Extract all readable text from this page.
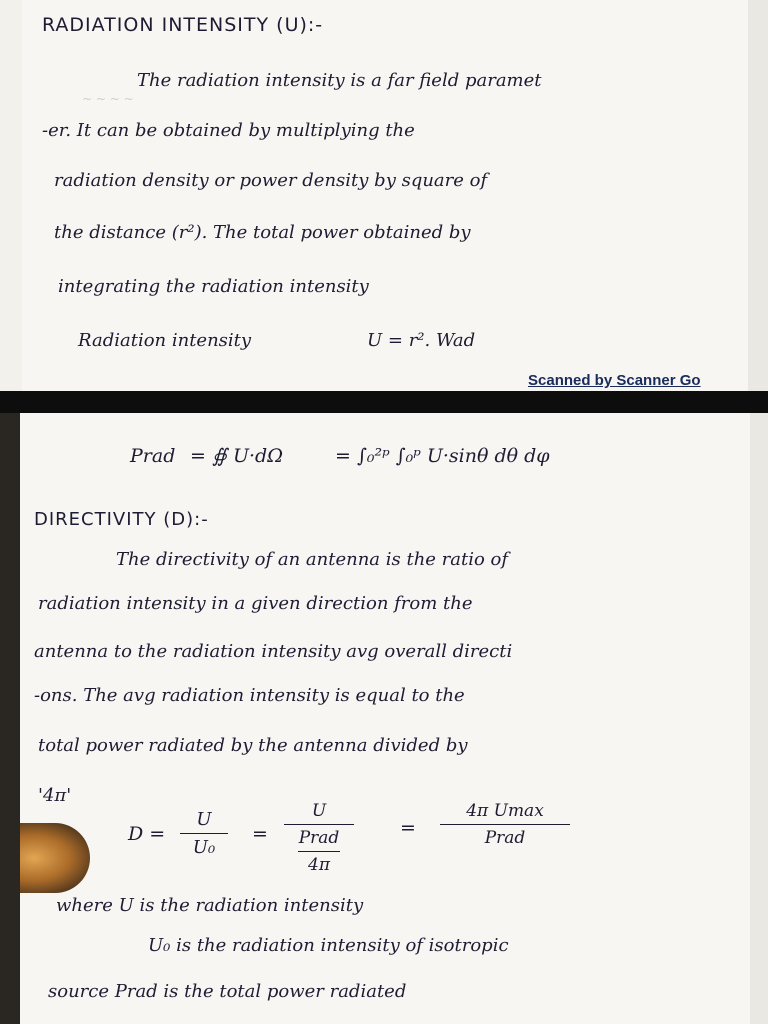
~ ~ ~ ~
RADIATION INTENSITY (U):-
The radiation intensity is a far field paramet
-er. It can be obtained by multiplying the
radiation density or power density by square of
the distance (r²). The total power obtained by
integrating the radiation intensity
Radiation intensity	U = r². Wad
Scanned by Scanner Go
Prad = ∯ U·dΩ	= ∫₀²ᵖ ∫₀ᵖ U·sinθ dθ dφ
DIRECTIVITY (D):-
The directivity of an antenna is the ratio of
radiation intensity in a given direction from the
antenna to the radiation intensity avg overall directi
-ons. The avg radiation intensity is equal to the
total power radiated by the antenna divided by
'4π'
D =
U
U₀
=
U
Prad
4π
=
4π Umax
Prad
where U is the radiation intensity
U₀ is the radiation intensity of isotropic
source Prad is the total power radiated
